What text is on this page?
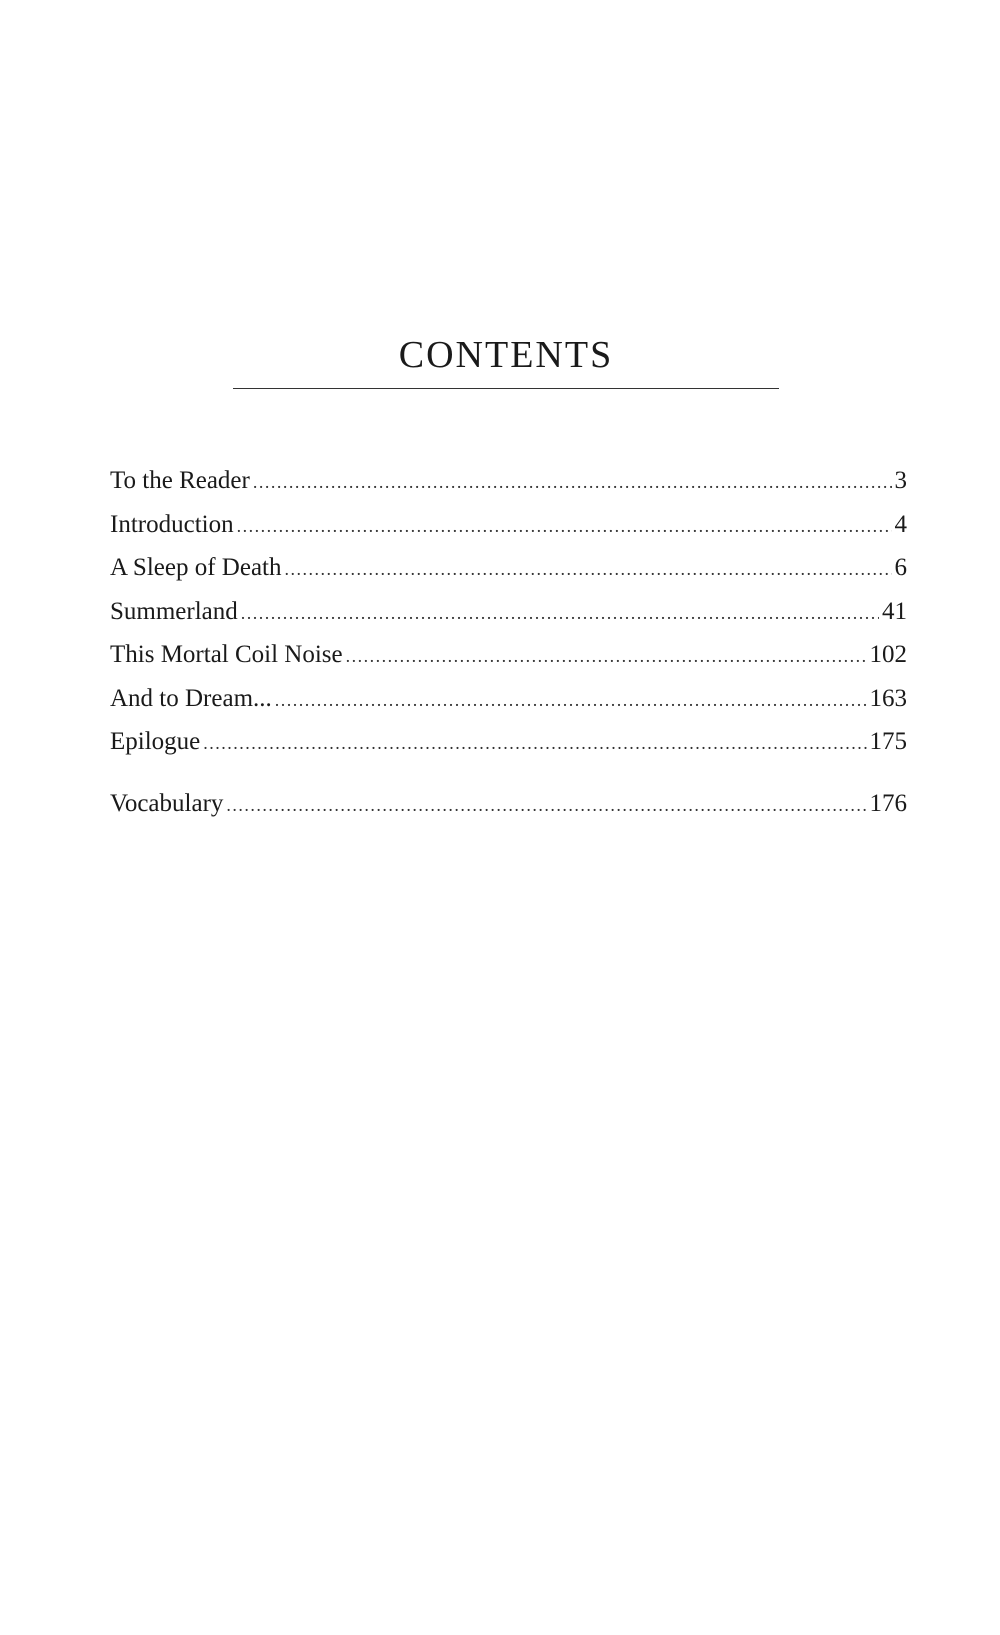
CONTENTS
To the Reader .....	3
Introduction .....	4
A Sleep of Death .....	6
Summerland .....	41
This Mortal Coil Noise .....	102
And to Dream... .....	163
Epilogue .....	175
Vocabulary .....	176
